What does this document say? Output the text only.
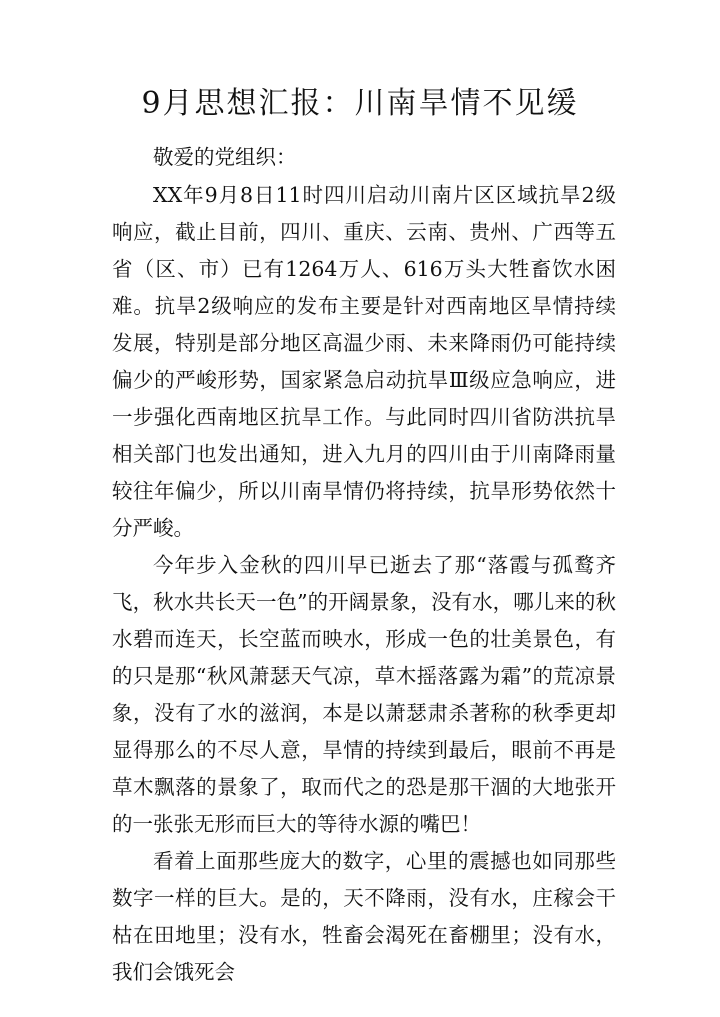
9月思想汇报：川南旱情不见缓

敬爱的党组织：

XX年9月8日11时四川启动川南片区区域抗旱2级响应，截止目前，四川、重庆、云南、贵州、广西等五省（区、市）已有1264万人、616万头大牲畜饮水困难。抗旱2级响应的发布主要是针对西南地区旱情持续发展，特别是部分地区高温少雨、未来降雨仍可能持续偏少的严峻形势，国家紧急启动抗旱Ⅲ级应急响应，进一步强化西南地区抗旱工作。与此同时四川省防洪抗旱相关部门也发出通知，进入九月的四川由于川南降雨量较往年偏少，所以川南旱情仍将持续，抗旱形势依然十分严峻。

今年步入金秋的四川早已逝去了那“落霞与孤鹜齐飞，秋水共长天一色”的开阔景象，没有水，哪儿来的秋水碧而连天，长空蓝而映水，形成一色的壮美景色，有的只是那“秋风萧瑟天气凉，草木摇落露为霜”的荒凉景象，没有了水的滋润，本是以萧瑟肃杀著称的秋季更却显得那么的不尽人意，旱情的持续到最后，眼前不再是草木飘落的景象了，取而代之的恐是那干涸的大地张开的一张张无形而巨大的等待水源的嘴巴！

看着上面那些庞大的数字，心里的震撼也如同那些数字一样的巨大。是的，天不降雨，没有水，庄稼会干枯在田地里；没有水，牲畜会渴死在畜棚里；没有水，我们会饿死会
